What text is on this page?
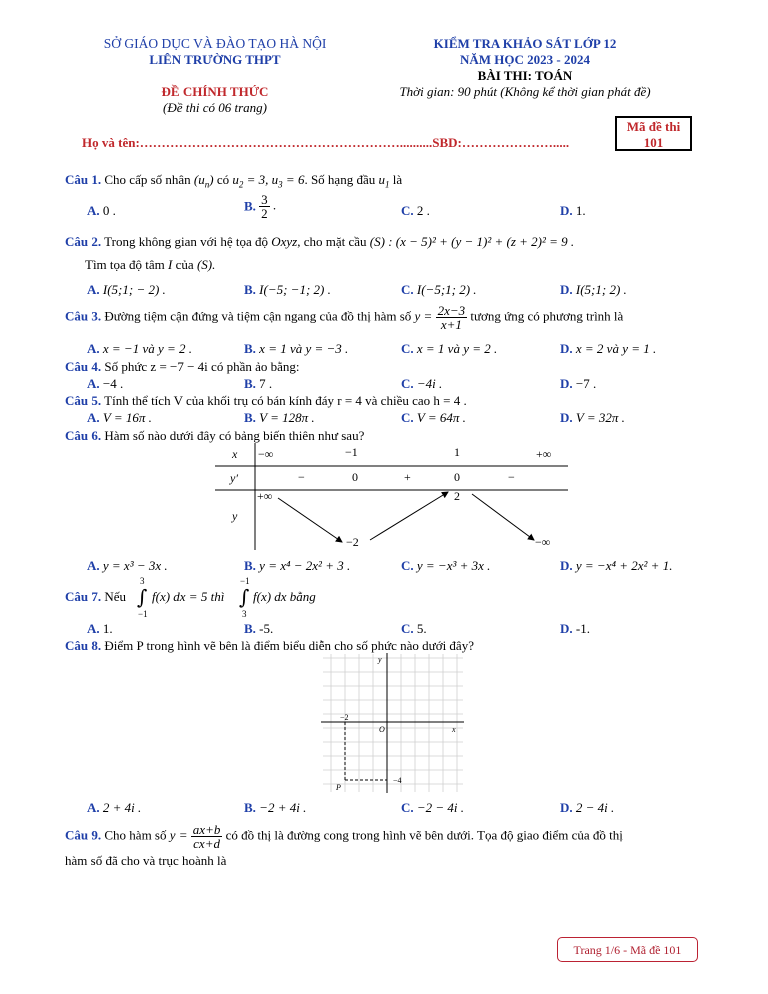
SỞ GIÁO DỤC VÀ ĐÀO TẠO HÀ NỘI
LIÊN TRƯỜNG THPT
ĐỀ CHÍNH THỨC
(Đề thi có 06 trang)
KIỂM TRA KHẢO SÁT LỚP 12
NĂM HỌC 2023 - 2024
BÀI THI: TOÁN
Thời gian: 90 phút (Không kể thời gian phát đề)
Mã đề thi
101
Họ và tên:……………………………………………………..........SBD:………………….....
Câu 1. Cho cấp số nhân $(u_n)$ có $u_2 = 3$, $u_3 = 6$. Số hạng đầu $u_1$ là
A. 0 .	B. $\frac{3}{2}$ .	C. 2 .	D. 1.
Câu 2. Trong không gian với hệ tọa độ Oxyz, cho mặt cầu (S) : (x − 5)² + (y − 1)² + (z + 2)² = 9 .
Tìm tọa độ tâm I của (S).
A. I(5;1; − 2) .	B. I(−5; −1; 2) .	C. I(−5;1; 2) .	D. I(5;1; 2) .
Câu 3. Đường tiệm cận đứng và tiệm cận ngang của đồ thị hàm số $y = \frac{2x-3}{x+1}$ tương ứng có phương trình là
A. x = −1 và y = 2 .	B. x = 1 và y = −3 .	C. x = 1 và y = 2 .	D. x = 2 và y = 1 .
Câu 4. Số phức z = −7 − 4i có phần ảo bằng:
A. −4 .	B. 7 .	C. −4i .	D. −7 .
Câu 5. Tính thể tích V của khối trụ có bán kính đáy r = 4 và chiều cao h = 4 .
A. V = 16π .	B. V = 128π .	C. V = 64π .	D. V = 32π .
Câu 6. Hàm số nào dưới đây có bảng biến thiên như sau?
x
y′
y
−∞	−1	1	+∞
−	0	+	0	−
+∞
−2
2
−∞
A. y = x³ − 3x .	B. y = x⁴ − 2x² + 3 .	C. y = −x³ + 3x .	D. y = −x⁴ + 2x² + 1.
Câu 7. Nếu
3
∫
−1
f(x) dx = 5 thì
−1
∫
3
f(x) dx bằng
A. 1.	B. -5.	C. 5.	D. -1.
Câu 8. Điểm P trong hình vẽ bên là điểm biểu diễn cho số phức nào dưới đây?
y
x
O
−2
−4
P
A. 2 + 4i .	B. −2 + 4i .	C. −2 − 4i .	D. 2 − 4i .
Câu 9. Cho hàm số $y = \frac{ax+b}{cx+d}$ có đồ thị là đường cong trong hình vẽ bên dưới. Tọa độ giao điểm của đồ thị
hàm số đã cho và trục hoành là
Trang 1/6 - Mã đề 101
